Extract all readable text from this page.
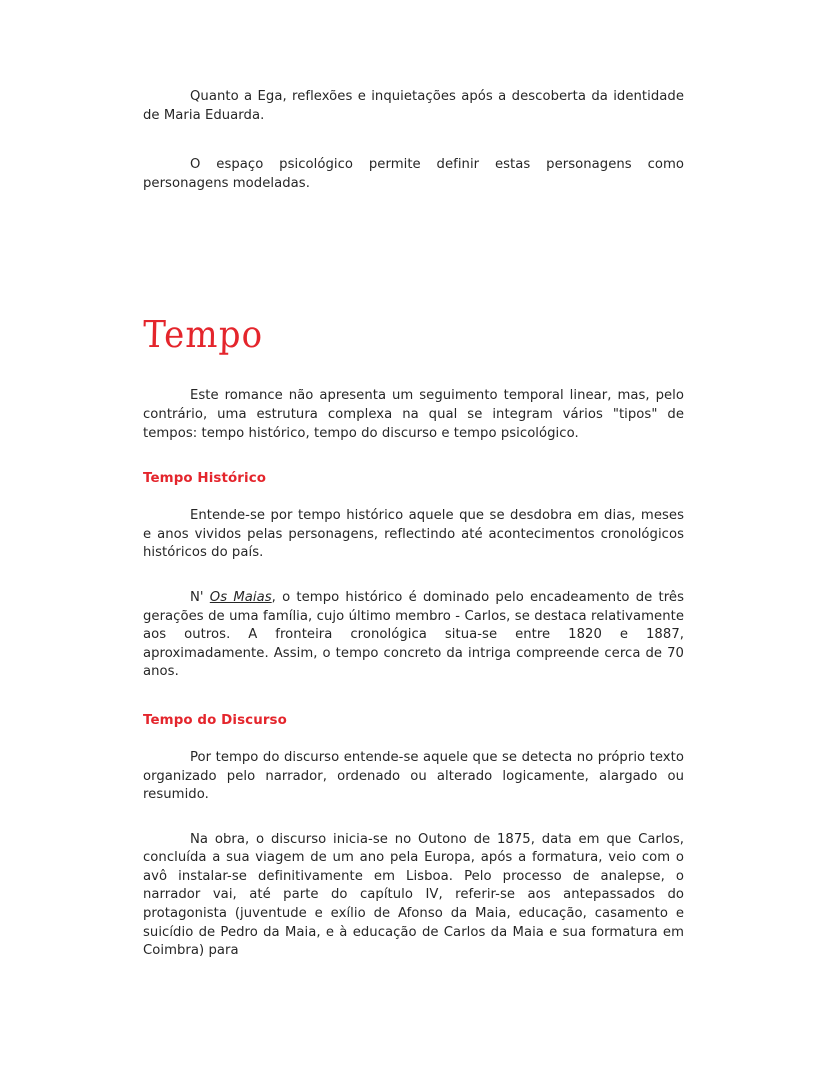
Quanto a Ega, reflexões e inquietações após a descoberta da identidade de Maria Eduarda.

O espaço psicológico permite definir estas personagens como personagens modeladas.

Tempo

Este romance não apresenta um seguimento temporal linear, mas, pelo contrário, uma estrutura complexa na qual se integram vários "tipos" de tempos: tempo histórico, tempo do discurso e tempo psicológico.

Tempo Histórico

Entende-se por tempo histórico aquele que se desdobra em dias, meses e anos vividos pelas personagens, reflectindo até acontecimentos cronológicos históricos do país.

N' Os Maias, o tempo histórico é dominado pelo encadeamento de três gerações de uma família, cujo último membro - Carlos, se destaca relativamente aos outros. A fronteira cronológica situa-se entre 1820 e 1887, aproximadamente. Assim, o tempo concreto da intriga compreende cerca de 70 anos.

Tempo do Discurso

Por tempo do discurso entende-se aquele que se detecta no próprio texto organizado pelo narrador, ordenado ou alterado logicamente, alargado ou resumido.

Na obra, o discurso inicia-se no Outono de 1875, data em que Carlos, concluída a sua viagem de um ano pela Europa, após a formatura, veio com o avô instalar-se definitivamente em Lisboa. Pelo processo de analepse, o narrador vai, até parte do capítulo IV, referir-se aos antepassados do protagonista (juventude e exílio de Afonso da Maia, educação, casamento e suicídio de Pedro da Maia, e à educação de Carlos da Maia e sua formatura em Coimbra) para
